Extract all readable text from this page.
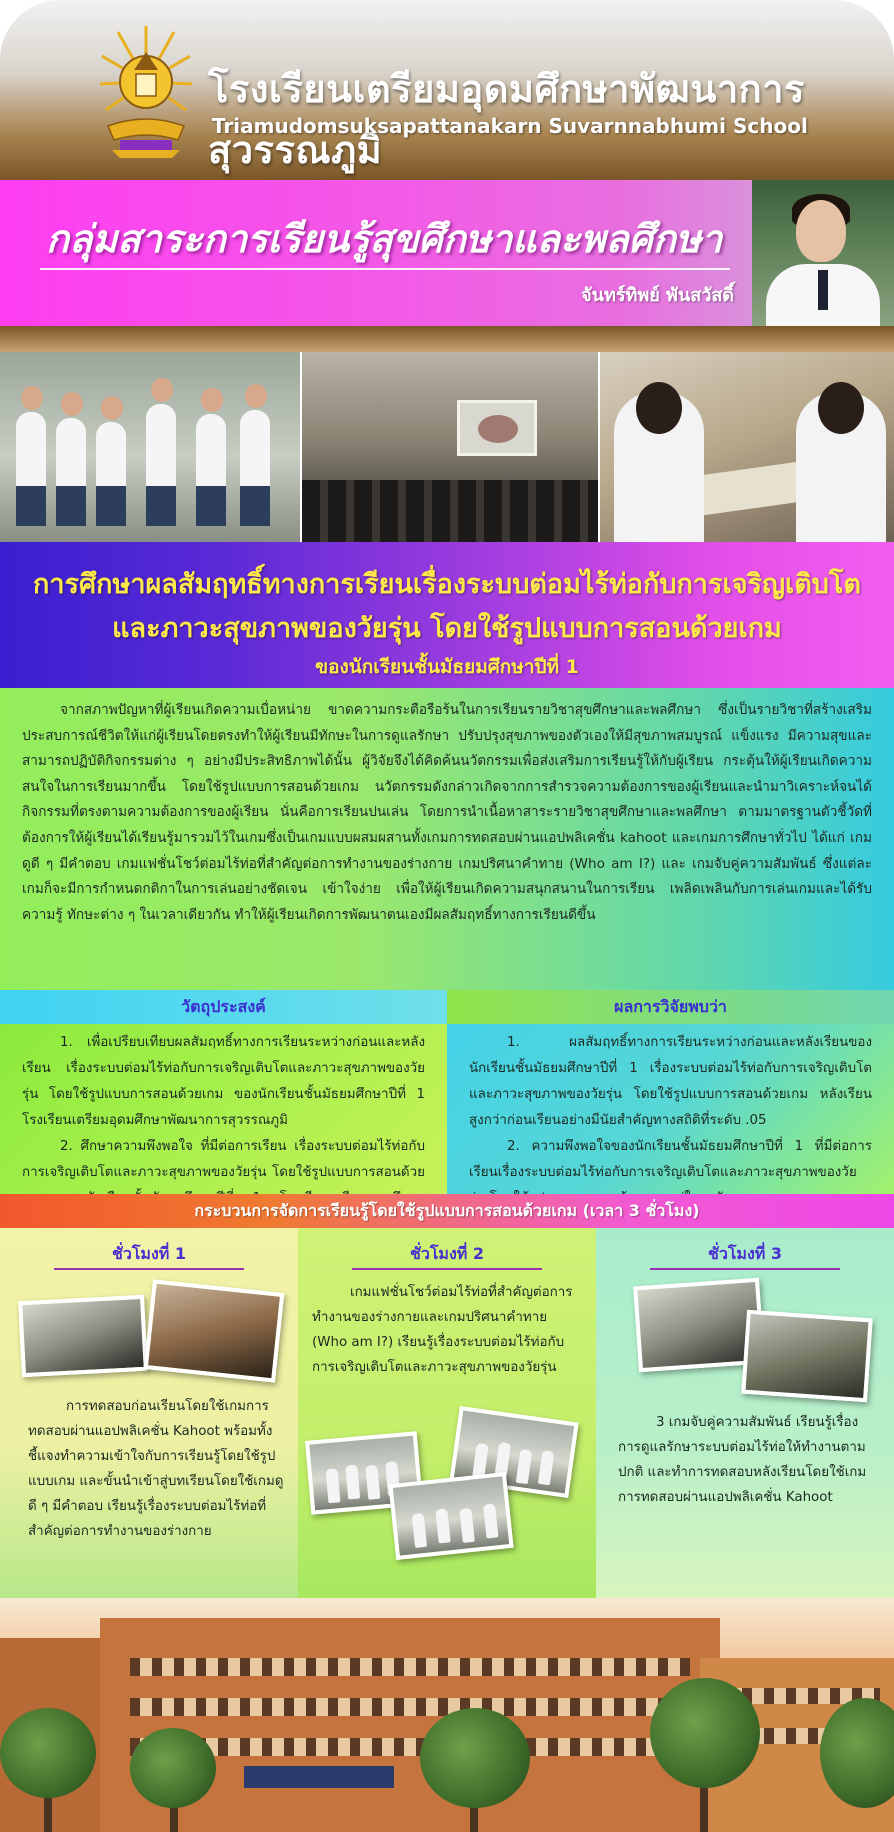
โรงเรียนเตรียมอุดมศึกษาพัฒนาการสุวรรณภูมิ
Triamudomsuksapattanakarn Suvarnnabhumi School
กลุ่มสาระการเรียนรู้สุขศึกษาและพลศึกษา
จันทร์ทิพย์ พันสวัสดิ์
การศึกษาผลสัมฤทธิ์ทางการเรียนเรื่องระบบต่อมไร้ท่อกับการเจริญเติบโต
และภาวะสุขภาพของวัยรุ่น โดยใช้รูปแบบการสอนด้วยเกม
ของนักเรียนชั้นมัธยมศึกษาปีที่ 1

จากสภาพปัญหาที่ผู้เรียนเกิดความเบื่อหน่าย ขาดความกระตือรือร้นในการเรียนรายวิชาสุขศึกษาและพลศึกษา ซึ่งเป็นรายวิชาที่สร้างเสริมประสบการณ์ชีวิตให้แก่ผู้เรียนโดยตรงทำให้ผู้เรียนมีทักษะในการดูแลรักษา ปรับปรุงสุขภาพของตัวเองให้มีสุขภาพสมบูรณ์ แข็งแรง มีความสุขและสามารถปฏิบัติกิจกรรมต่าง ๆ อย่างมีประสิทธิภาพได้นั้น ผู้วิจัยจึงได้คิดค้นนวัตกรรมเพื่อส่งเสริมการเรียนรู้ให้กับผู้เรียน กระตุ้นให้ผู้เรียนเกิดความสนใจในการเรียนมากขึ้น โดยใช้รูปแบบการสอนด้วยเกม นวัตกรรมดังกล่าวเกิดจากการสำรวจความต้องการของผู้เรียนและนำมาวิเคราะห์จนได้กิจกรรมที่ตรงตามความต้องการของผู้เรียน นั่นคือการเรียนปนเล่น โดยการนำเนื้อหาสาระรายวิชาสุขศึกษาและพลศึกษา ตามมาตรฐานตัวชี้วัดที่ต้องการให้ผู้เรียนได้เรียนรู้มารวมไว้ในเกมซึ่งเป็นเกมแบบผสมผสานทั้งเกมการทดสอบผ่านแอปพลิเคชั่น kahoot และเกมการศึกษาทั่วไป ได้แก่ เกมดูดี ๆ มีคำตอบ เกมแฟชั่นโชว์ต่อมไร้ท่อที่สำคัญต่อการทำงานของร่างกาย เกมปริศนาคำทาย (Who am I?) และ เกมจับคู่ความสัมพันธ์ ซึ่งแต่ละเกมก็จะมีการกำหนดกติกาในการเล่นอย่างชัดเจน เข้าใจง่าย เพื่อให้ผู้เรียนเกิดความสนุกสนานในการเรียน เพลิดเพลินกับการเล่นเกมและได้รับความรู้ ทักษะต่าง ๆ ในเวลาเดียวกัน ทำให้ผู้เรียนเกิดการพัฒนาตนเองมีผลสัมฤทธิ์ทางการเรียนดีขึ้น

วัตถุประสงค์	ผลการวิจัยพบว่า

1. เพื่อเปรียบเทียบผลสัมฤทธิ์ทางการเรียนระหว่างก่อนและหลังเรียน เรื่องระบบต่อมไร้ท่อกับการเจริญเติบโตและภาวะสุขภาพของวัยรุ่น โดยใช้รูปแบบการสอนด้วยเกม ของนักเรียนชั้นมัธยมศึกษาปีที่ 1 โรงเรียนเตรียมอุดมศึกษาพัฒนาการสุวรรณภูมิ

2. ศึกษาความพึงพอใจ ที่มีต่อการเรียน เรื่องระบบต่อมไร้ท่อกับการเจริญเติบโตและภาวะสุขภาพของวัยรุ่น โดยใช้รูปแบบการสอนด้วย

1. ผลสัมฤทธิ์ทางการเรียนระหว่างก่อนและหลังเรียนของนักเรียนชั้นมัธยมศึกษาปีที่ 1 เรื่องระบบต่อมไร้ท่อกับการเจริญเติบโตและภาวะสุขภาพของวัยรุ่น โดยใช้รูปแบบการสอนด้วยเกม หลังเรียนสูงกว่าก่อนเรียนอย่างมีนัยสำคัญทางสถิติที่ระดับ .05

2. ความพึงพอใจของนักเรียนชั้นมัธยมศึกษาปีที่ 1 ที่มีต่อการเรียนเรื่องระบบต่อมไร้ท่อกับการเจริญเติบโตและภาวะสุขภาพของวัย

กระบวนการจัดการเรียนรู้โดยใช้รูปแบบการสอนด้วยเกม (เวลา 3 ชั่วโมง)
ชั่วโมงที่ 1
การทดสอบก่อนเรียนโดยใช้เกมการทดสอบผ่านแอปพลิเคชั่น Kahoot พร้อมทั้งชี้แจงทำความเข้าใจกับการเรียนรู้โดยใช้รูปแบบเกม และขั้นนำเข้าสู่บทเรียนโดยใช้เกมดูดี ๆ มีคำตอบ เรียนรู้เรื่องระบบต่อมไร้ท่อที่สำคัญต่อการทำงานของร่างกาย
ชั่วโมงที่ 2
เกมแฟชั่นโชว์ต่อมไร้ท่อที่สำคัญต่อการทำงานของร่างกายและเกมปริศนาคำทาย (Who am I?) เรียนรู้เรื่องระบบต่อมไร้ท่อกับการเจริญเติบโตและภาวะสุขภาพของวัยรุ่น
ชั่วโมงที่ 3
3 เกมจับคู่ความสัมพันธ์ เรียนรู้เรื่องการดูแลรักษาระบบต่อมไร้ท่อให้ทำงานตามปกติ และทำการทดสอบหลังเรียนโดยใช้เกมการทดสอบผ่านแอปพลิเคชั่น Kahoot
